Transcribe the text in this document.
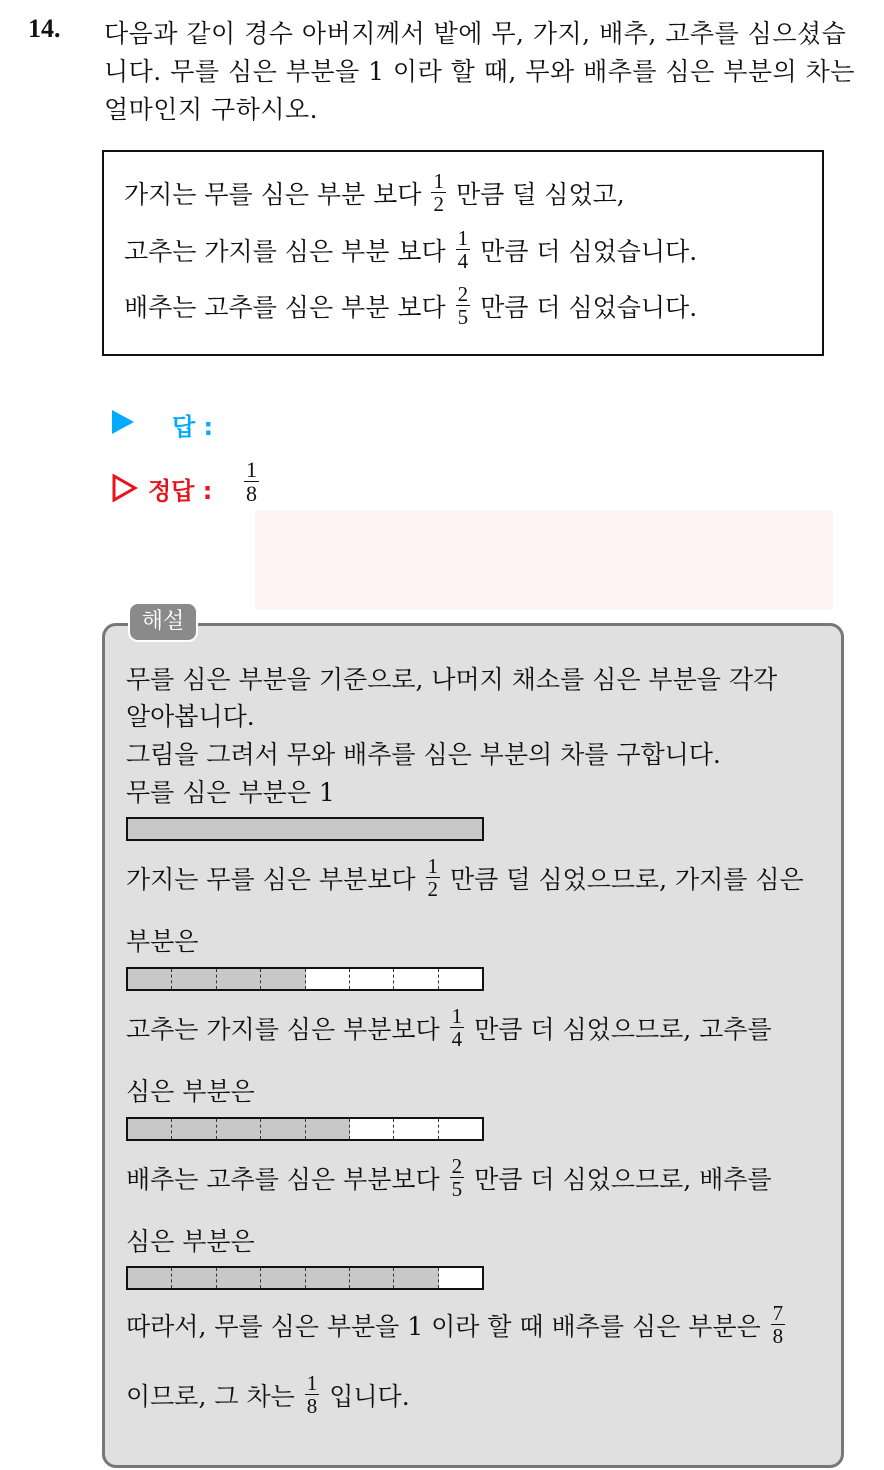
14. 다음과 같이 경수 아버지께서 밭에 무, 가지, 배추, 고추를 심으셨습
니다. 무를 심은 부분을 1 이라 할 때, 무와 배추를 심은 부분의 차는
얼마인지 구하시오.
가지는 무를 심은 부분 보다 $\frac{1}{2}$ 만큼 덜 심었고,
고추는 가지를 심은 부분 보다 $\frac{1}{4}$ 만큼 더 심었습니다.
배추는 고추를 심은 부분 보다 $\frac{2}{5}$ 만큼 더 심었습니다.
답 :
정답 : $\frac{1}{8}$
해설
무를 심은 부분을 기준으로, 나머지 채소를 심은 부분을 각각
알아봅니다.
그림을 그려서 무와 배추를 심은 부분의 차를 구합니다.
무를 심은 부분은 1
가지는 무를 심은 부분보다 $\frac{1}{2}$ 만큼 덜 심었으므로, 가지를 심은
부분은
고추는 가지를 심은 부분보다 $\frac{1}{4}$ 만큼 더 심었으므로, 고추를
심은 부분은
배추는 고추를 심은 부분보다 $\frac{2}{5}$ 만큼 더 심었으므로, 배추를
심은 부분은
따라서, 무를 심은 부분을 1 이라 할 때 배추를 심은 부분은 $\frac{7}{8}$
이므로, 그 차는 $\frac{1}{8}$ 입니다.
